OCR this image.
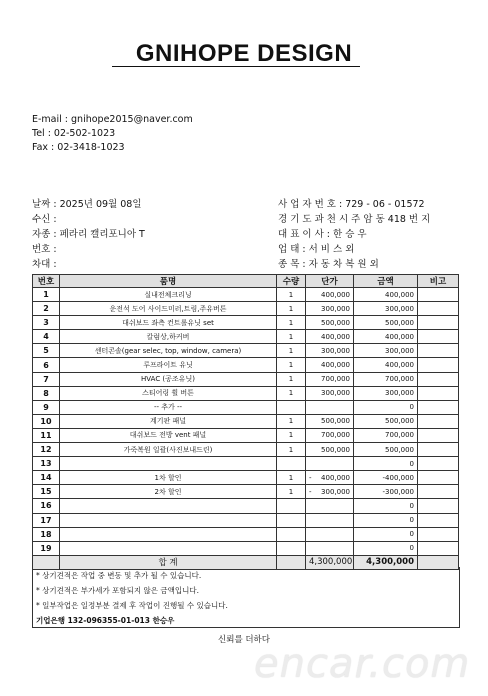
GNIHOPE DESIGN
E-mail : gnihope2015@naver.com
Tel : 02-502-1023
Fax : 02-3418-1023
날짜 : 2025년 09월 08일
수신 :
자종 : 페라리 캘리포니아 T
번호 :
차대 :
사 업 자 번 호 : 729 - 06 - 01572
경 기 도 과 천 시 주 암 동 418 번 지
대 표 이 사 : 한 승 우
업 태 : 서 비 스 외
종 목 : 자 동 차 복 원 외
번호	품명	수량	단가	금액	비고
1	실내전체크리닝	1	400,000	400,000	
2	운전석 도어 사이드미러,트림,주유버튼	1	300,000	300,000	
3	대쉬보드 좌측 컨트롤유닛 set	1	500,000	500,000	
4	칼럼상,하커버	1	400,000	400,000	
5	센터콘솔(gear selec, top, window, camera)	1	300,000	300,000	
6	루프라이트 유닛	1	400,000	400,000	
7	HVAC (공조유닛)	1	700,000	700,000	
8	스티어링 휠 버튼	1	300,000	300,000	
9	-- 추가 --			0	
10	계기판 패널	1	500,000	500,000	
11	대쉬보드 전방 vent 패널	1	700,000	700,000	
12	가죽복원 일괄(사진보내드린)	1	500,000	500,000	
13				0	
14	1차 할인	1	- 400,000	-400,000	
15	2차 할인	1	- 300,000	-300,000	
16				0	
17				0	
18				0	
19				0	
	합 계		4,300,000	4,300,000	
* 상기견적은 작업 중 변동 및 추가 될 수 있습니다.
* 상기견적은 부가세가 포함되지 않은 금액입니다.
* 일부작업은 일정부분 결제 후 작업이 진행될 수 있습니다.
기업은행 132-096355-01-013 한승우
신뢰를 더하다
encar.com
